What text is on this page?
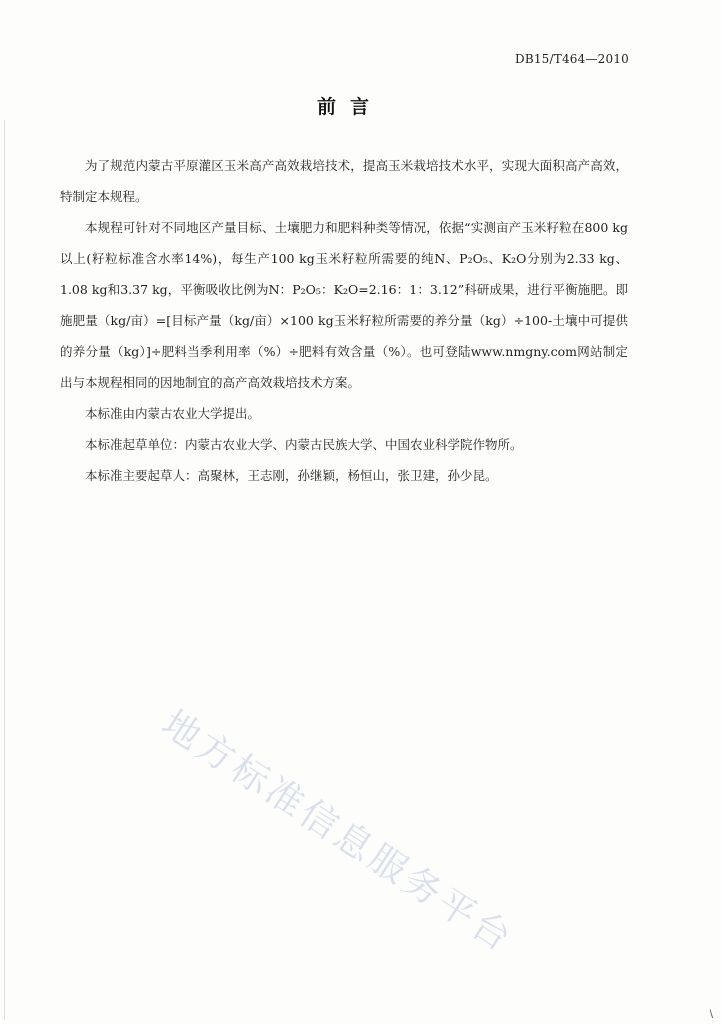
DB15/T464—2010
前言

为了规范内蒙古平原灌区玉米高产高效栽培技术，提高玉米栽培技术水平，实现大面积高产高效，特制定本规程。

本规程可针对不同地区产量目标、土壤肥力和肥料种类等情况，依据“实测亩产玉米籽粒在800 kg以上(籽粒标准含水率14%)，每生产100 kg玉米籽粒所需要的纯N、P₂O₅、K₂O分别为2.33 kg、1.08 kg和3.37 kg，平衡吸收比例为N：P₂O₅：K₂O=2.16：1：3.12”科研成果，进行平衡施肥。即施肥量（kg/亩）=[目标产量（kg/亩）×100 kg玉米籽粒所需要的养分量（kg）÷100-土壤中可提供的养分量（kg）]÷肥料当季利用率（%）÷肥料有效含量（%）。也可登陆www.nmgny.com网站制定出与本规程相同的因地制宜的高产高效栽培技术方案。

本标准由内蒙古农业大学提出。

本标准起草单位：内蒙古农业大学、内蒙古民族大学、中国农业科学院作物所。

本标准主要起草人：高聚林，王志刚，孙继颖，杨恒山，张卫建，孙少昆。

地方标准信息服务平台
\
